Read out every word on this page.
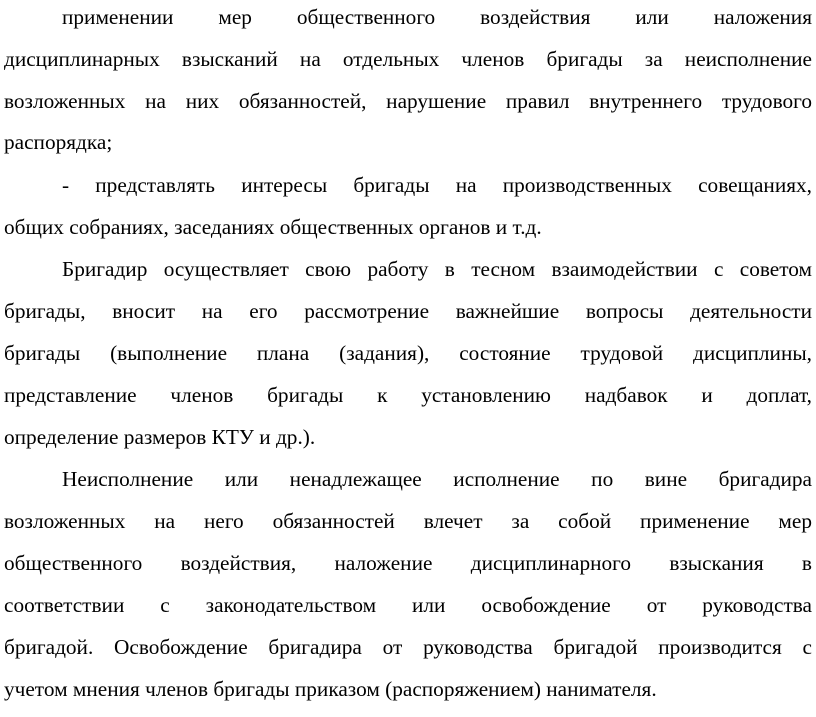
применении мер общественного воздействия или наложения
дисциплинарных взысканий на отдельных членов бригады за неисполнение
возложенных на них обязанностей, нарушение правил внутреннего трудового
распорядка;
- представлять интересы бригады на производственных совещаниях,
общих собраниях, заседаниях общественных органов и т.д.
Бригадир осуществляет свою работу в тесном взаимодействии с советом
бригады, вносит на его рассмотрение важнейшие вопросы деятельности
бригады (выполнение плана (задания), состояние трудовой дисциплины,
представление членов бригады к установлению надбавок и доплат,
определение размеров КТУ и др.).
Неисполнение или ненадлежащее исполнение по вине бригадира
возложенных на него обязанностей влечет за собой применение мер
общественного воздействия, наложение дисциплинарного взыскания в
соответствии с законодательством или освобождение от руководства
бригадой. Освобождение бригадира от руководства бригадой производится с
учетом мнения членов бригады приказом (распоряжением) нанимателя.
